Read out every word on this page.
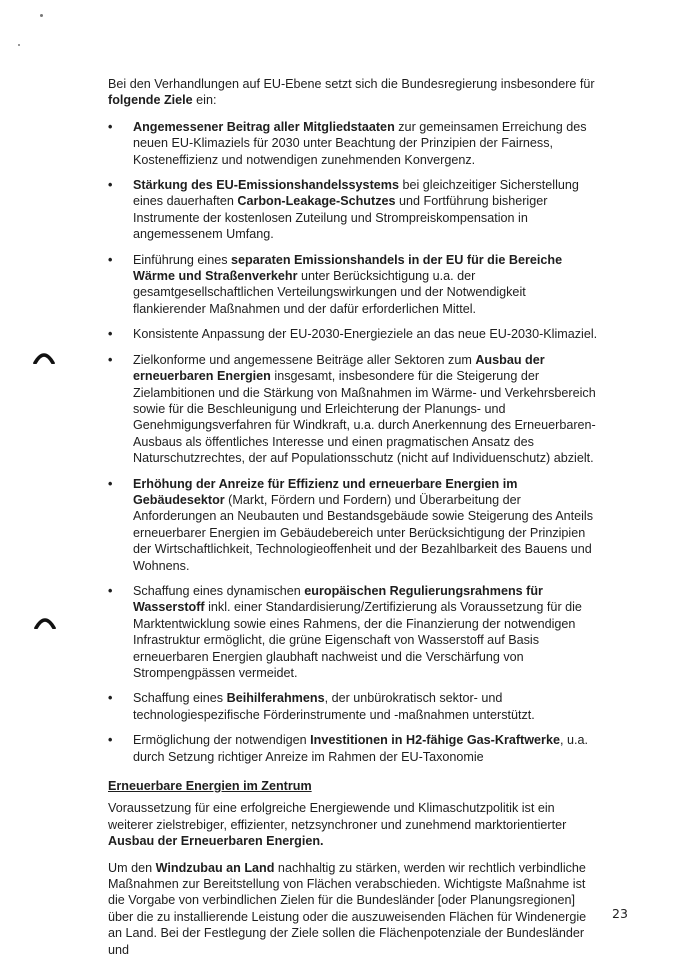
Bei den Verhandlungen auf EU-Ebene setzt sich die Bundesregierung insbesondere für folgende Ziele ein:

•	Angemessener Beitrag aller Mitgliedstaaten zur gemeinsamen Erreichung des neuen EU-Klimaziels für 2030 unter Beachtung der Prinzipien der Fairness, Kosteneffizienz und notwendigen zunehmenden Konvergenz.
•	Stärkung des EU-Emissionshandelssystems bei gleichzeitiger Sicherstellung eines dauerhaften Carbon-Leakage-Schutzes und Fortführung bisheriger Instrumente der kostenlosen Zuteilung und Strompreiskompensation in angemessenem Umfang.
•	Einführung eines separaten Emissionshandels in der EU für die Bereiche Wärme und Straßenverkehr unter Berücksichtigung u.a. der gesamtgesellschaftlichen Verteilungswirkungen und der Notwendigkeit flankierender Maßnahmen und der dafür erforderlichen Mittel.
•	Konsistente Anpassung der EU-2030-Energieziele an das neue EU-2030-Klimaziel.
•	Zielkonforme und angemessene Beiträge aller Sektoren zum Ausbau der erneuerbaren Energien insgesamt, insbesondere für die Steigerung der Zielambitionen und die Stärkung von Maßnahmen im Wärme- und Verkehrsbereich sowie für die Beschleunigung und Erleichterung der Planungs- und Genehmigungsverfahren für Windkraft, u.a. durch Anerkennung des Erneuerbaren-Ausbaus als öffentliches Interesse und einen pragmatischen Ansatz des Naturschutzrechtes, der auf Populationsschutz (nicht auf Individuenschutz) abzielt.
•	Erhöhung der Anreize für Effizienz und erneuerbare Energien im Gebäudesektor (Markt, Fördern und Fordern) und Überarbeitung der Anforderungen an Neubauten und Bestandsgebäude sowie Steigerung des Anteils erneuerbarer Energien im Gebäudebereich unter Berücksichtigung der Prinzipien der Wirtschaftlichkeit, Technologieoffenheit und der Bezahlbarkeit des Bauens und Wohnens.
•	Schaffung eines dynamischen europäischen Regulierungsrahmens für Wasserstoff inkl. einer Standardisierung/Zertifizierung als Voraussetzung für die Marktentwicklung sowie eines Rahmens, der die Finanzierung der notwendigen Infrastruktur ermöglicht, die grüne Eigenschaft von Wasserstoff auf Basis erneuerbaren Energien glaubhaft nachweist und die Verschärfung von Strompengpässen vermeidet.
•	Schaffung eines Beihilferahmens, der unbürokratisch sektor- und technologiespezifische Förderinstrumente und -maßnahmen unterstützt.
•	Ermöglichung der notwendigen Investitionen in H2-fähige Gas-Kraftwerke, u.a. durch Setzung richtiger Anreize im Rahmen der EU-Taxonomie
Erneuerbare Energien im Zentrum

Voraussetzung für eine erfolgreiche Energiewende und Klimaschutzpolitik ist ein weiterer zielstrebiger, effizienter, netzsynchroner und zunehmend marktorientierter Ausbau der Erneuerbaren Energien.

Um den Windzubau an Land nachhaltig zu stärken, werden wir rechtlich verbindliche Maßnahmen zur Bereitstellung von Flächen verabschieden. Wichtigste Maßnahme ist die Vorgabe von verbindlichen Zielen für die Bundesländer [oder Planungsregionen] über die zu installierende Leistung oder die auszuweisenden Flächen für Windenergie an Land. Bei der Festlegung der Ziele sollen die Flächenpotenziale der Bundesländer und

23
